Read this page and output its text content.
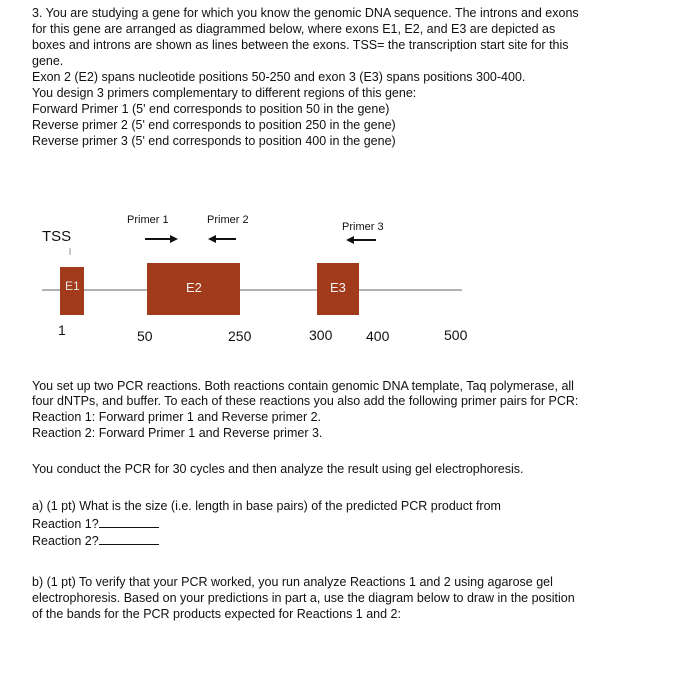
3. You are studying a gene for which you know the genomic DNA sequence. The introns and exons
for this gene are arranged as diagrammed below, where exons E1, E2, and E3 are depicted as
boxes and introns are shown as lines between the exons. TSS= the transcription start site for this
gene.
Exon 2 (E2) spans nucleotide positions 50-250 and exon 3 (E3) spans positions 300-400.
You design 3 primers complementary to different regions of this gene:
Forward Primer 1 (5' end corresponds to position 50 in the gene)
Reverse primer 2 (5' end corresponds to position 250 in the gene)
Reverse primer 3 (5' end corresponds to position 400 in the gene)
TSS
Primer 1	Primer 2
Primer 3
E1	E2	E3
1	50	250	300 400	500
You set up two PCR reactions. Both reactions contain genomic DNA template, Taq polymerase, all
four dNTPs, and buffer. To each of these reactions you also add the following primer pairs for PCR:
Reaction 1: Forward primer 1 and Reverse primer 2.
Reaction 2: Forward Primer 1 and Reverse primer 3.
You conduct the PCR for 30 cycles and then analyze the result using gel electrophoresis.
a) (1 pt) What is the size (i.e. length in base pairs) of the predicted PCR product from
Reaction 1?
Reaction 2?
b) (1 pt) To verify that your PCR worked, you run analyze Reactions 1 and 2 using agarose gel
electrophoresis. Based on your predictions in part a, use the diagram below to draw in the position
of the bands for the PCR products expected for Reactions 1 and 2:
